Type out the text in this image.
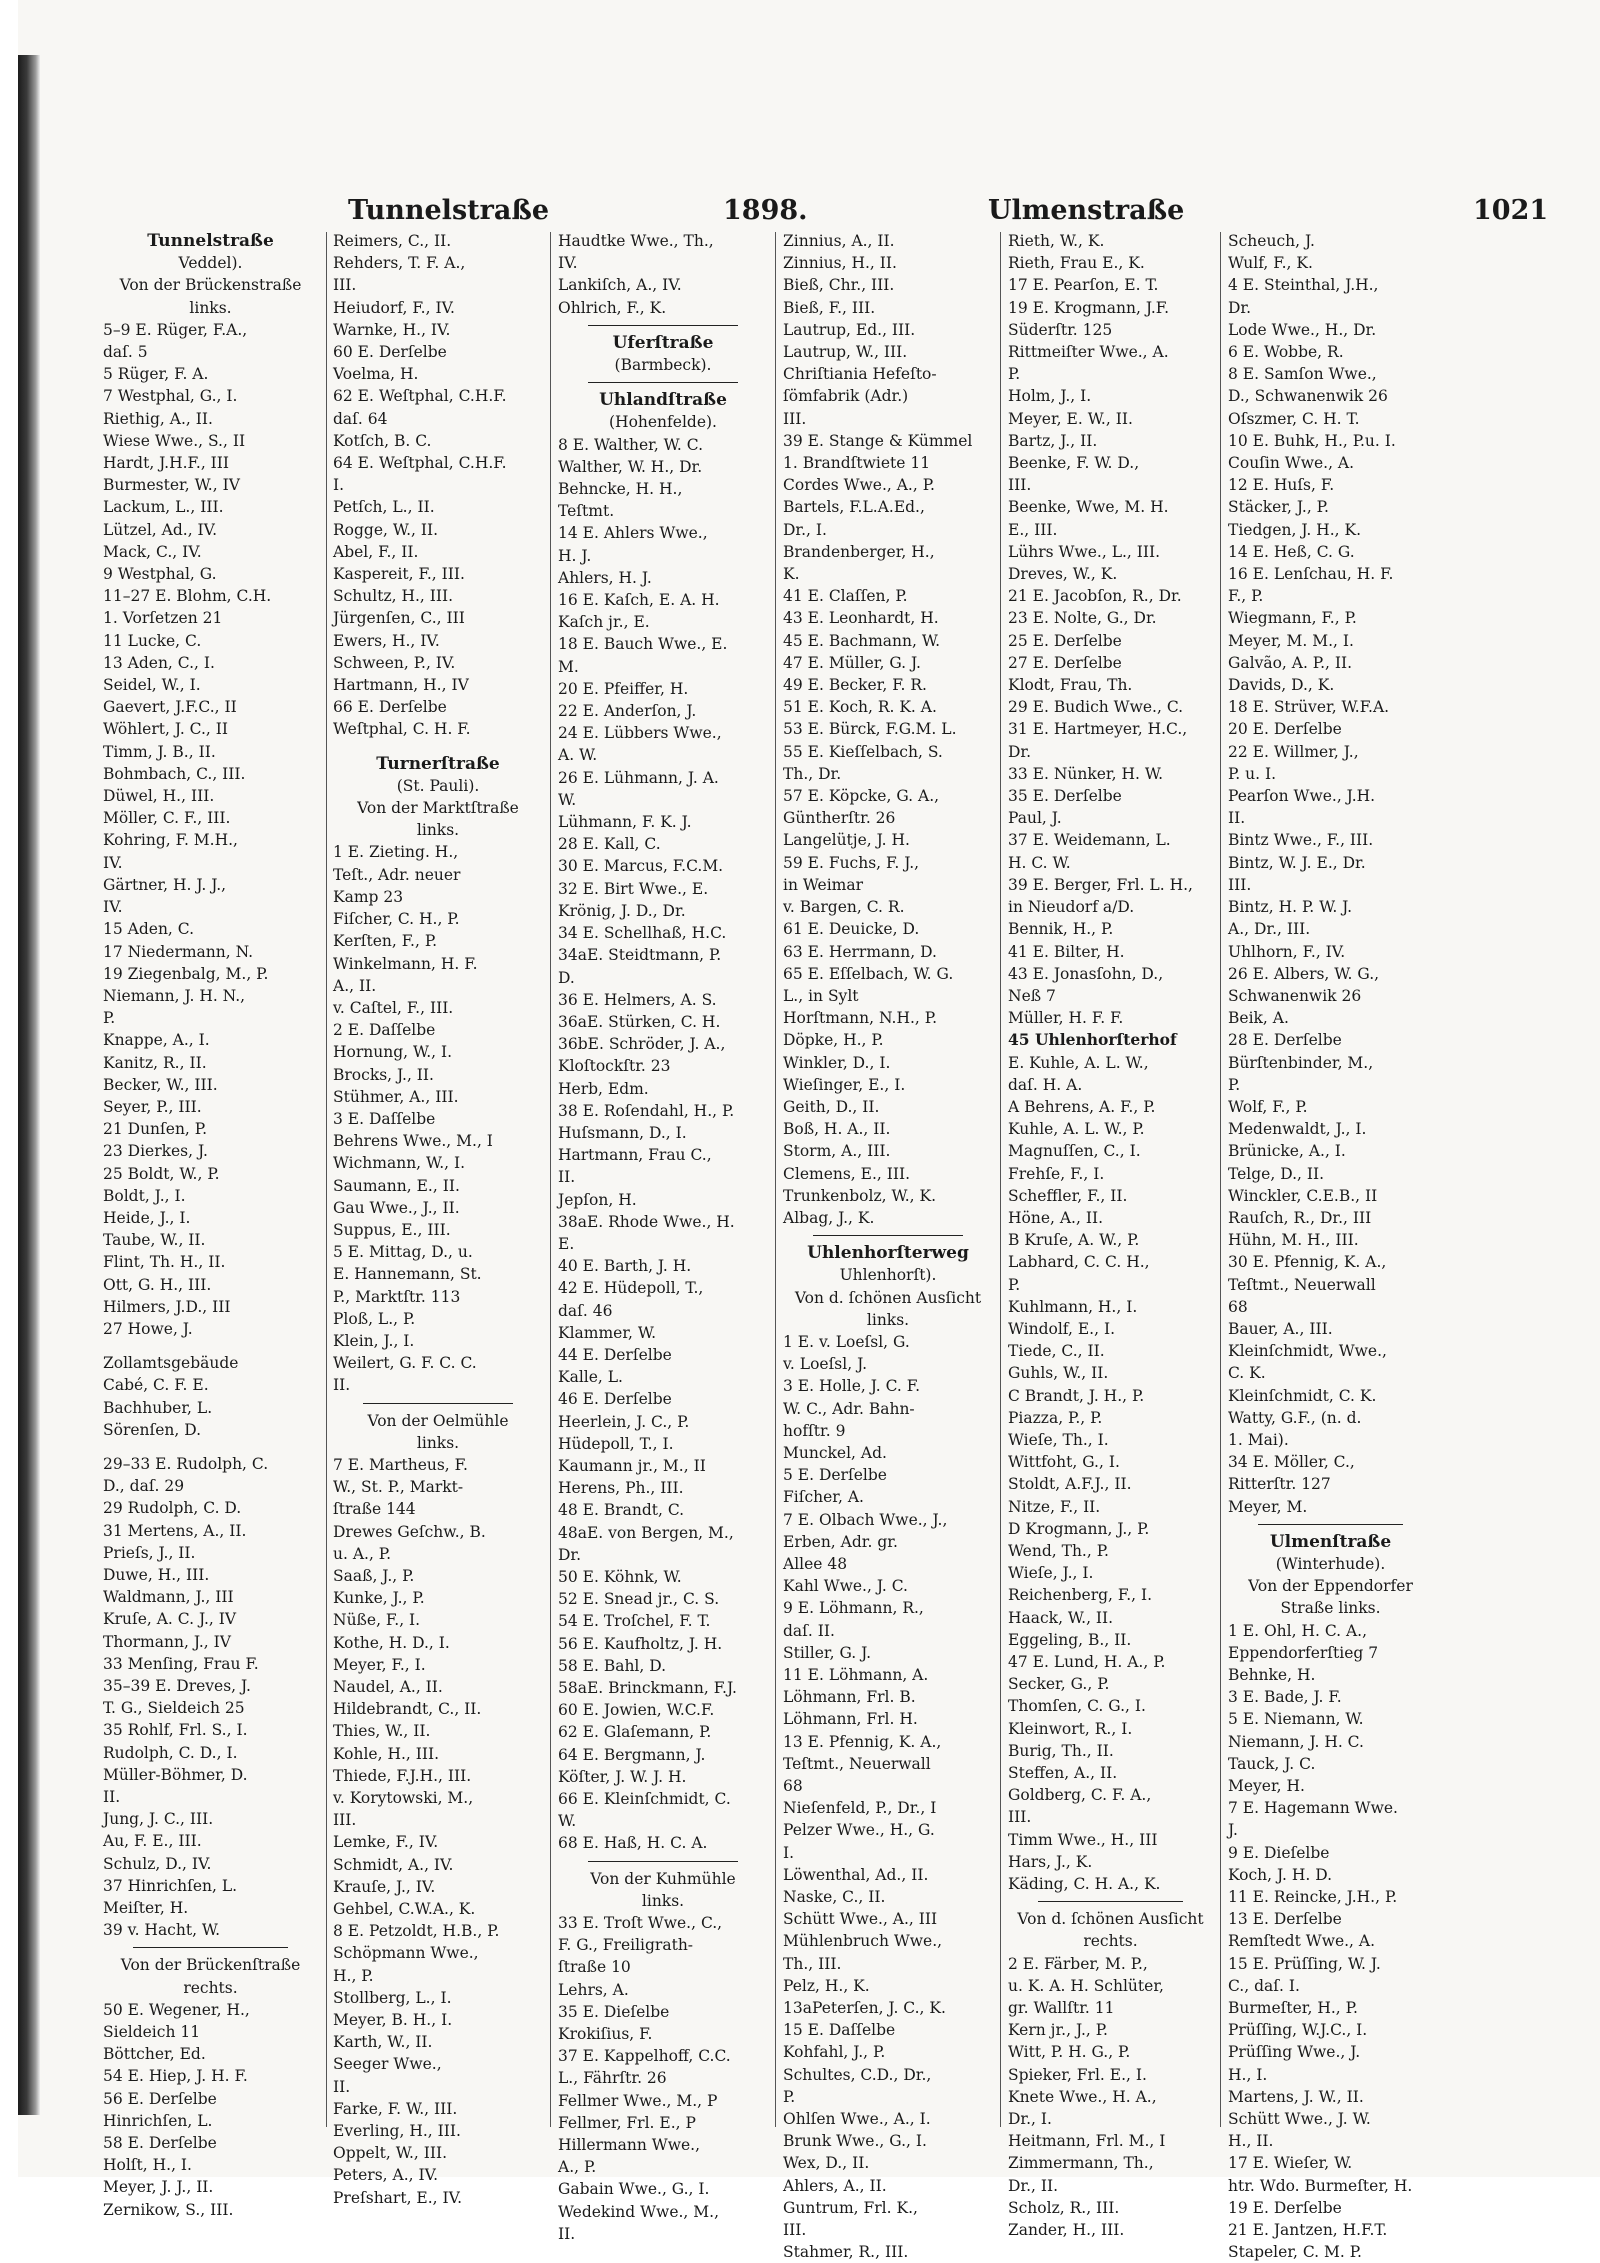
Tunnelstraße	1898.	Ulmenstraße	1021
Tunnelstraße
Veddel).
Von der Brückenstraße
links.
5–9 E. Rüger, F.A.,
daſ. 5
5 Rüger, F. A.
7 Westphal, G., I.
Riethig, A., II.
Wiese Wwe., S., II
Hardt, J.H.F., III
Burmester, W., IV
Lackum, L., III.
Lützel, Ad., IV.
Mack, C., IV.
9 Westphal, G.
11–27 E. Blohm, C.H.
1. Vorſetzen 21
11 Lucke, C.
13 Aden, C., I.
Seidel, W., I.
Gaevert, J.F.C., II
Wöhlert, J. C., II
Timm, J. B., II.
Bohmbach, C., III.
Düwel, H., III.
Möller, C. F., III.
Kohring, F. M.H.,
IV.
Gärtner, H. J. J.,
IV.
15 Aden, C.
17 Niedermann, N.
19 Ziegenbalg, M., P.
Niemann, J. H. N.,
P.
Knappe, A., I.
Kanitz, R., II.
Becker, W., III.
Seyer, P., III.
21 Dunſen, P.
23 Dierkes, J.
25 Boldt, W., P.
Boldt, J., I.
Heide, J., I.
Taube, W., II.
Flint, Th. H., II.
Ott, G. H., III.
Hilmers, J.D., III
27 Howe, J.
Zollamtsgebäude
Cabé, C. F. E.
Bachhuber, L.
Sörenſen, D.
29–33 E. Rudolph, C.
D., daſ. 29
29 Rudolph, C. D.
31 Mertens, A., II.
Prieſs, J., II.
Duwe, H., III.
Waldmann, J., III
Kruſe, A. C. J., IV
Thormann, J., IV
33 Menſing, Frau F.
35–39 E. Dreves, J.
T. G., Sieldeich 25
35 Rohlf, Frl. S., I.
Rudolph, C. D., I.
Müller-Böhmer, D.
II.
Jung, J. C., III.
Au, F. E., III.
Schulz, D., IV.
37 Hinrichſen, L.
Meiſter, H.
39 v. Hacht, W.
Von der Brückenſtraße
rechts.
50 E. Wegener, H.,
Sieldeich 11
Böttcher, Ed.
54 E. Hiep, J. H. F.
56 E. Derſelbe
Hinrichſen, L.
58 E. Derſelbe
Holſt, H., I.
Meyer, J. J., II.
Zernikow, S., III.
Reimers, C., II.
Rehders, T. F. A.,
III.
Heiudorf, F., IV.
Warnke, H., IV.
60 E. Derſelbe
Voelma, H.
62 E. Weſtphal, C.H.F.
daſ. 64
Kotſch, B. C.
64 E. Weſtphal, C.H.F.
I.
Petſch, L., II.
Rogge, W., II.
Abel, F., II.
Kaspereit, F., III.
Schultz, H., III.
Jürgenſen, C., III
Ewers, H., IV.
Schween, P., IV.
Hartmann, H., IV
66 E. Derſelbe
Weſtphal, C. H. F.
Turnerſtraße
(St. Pauli).
Von der Marktſtraße
links.
1 E. Zieting. H.,
Teſt., Adr. neuer
Kamp 23
Fiſcher, C. H., P.
Kerſten, F., P.
Winkelmann, H. F.
A., II.
v. Caſtel, F., III.
2 E. Daſſelbe
Hornung, W., I.
Brocks, J., II.
Stühmer, A., III.
3 E. Daſſelbe
Behrens Wwe., M., I
Wichmann, W., I.
Saumann, E., II.
Gau Wwe., J., II.
Suppus, E., III.
5 E. Mittag, D., u.
E. Hannemann, St.
P., Marktſtr. 113
Ploß, L., P.
Klein, J., I.
Weilert, G. F. C. C.
II.
Von der Oelmühle
links.
7 E. Martheus, F.
W., St. P., Markt-
ſtraße 144
Drewes Geſchw., B.
u. A., P.
Saaß, J., P.
Kunke, J., P.
Nüße, F., I.
Kothe, H. D., I.
Meyer, F., I.
Naudel, A., II.
Hildebrandt, C., II.
Thies, W., II.
Kohle, H., III.
Thiede, F.J.H., III.
v. Korytowski, M.,
III.
Lemke, F., IV.
Schmidt, A., IV.
Krauſe, J., IV.
Gehbel, C.W.A., K.
8 E. Petzoldt, H.B., P.
Schöpmann Wwe.,
H., P.
Stollberg, L., I.
Meyer, B. H., I.
Karth, W., II.
Seeger Wwe.,
II.
Farke, F. W., III.
Everling, H., III.
Oppelt, W., III.
Peters, A., IV.
Preſshart, E., IV.
Haudtke Wwe., Th.,
IV.
Lankiſch, A., IV.
Ohlrich, F., K.
Uferſtraße
(Barmbeck).
Uhlandſtraße
(Hohenfelde).
8 E. Walther, W. C.
Walther, W. H., Dr.
Behncke, H. H.,
Teſtmt.
14 E. Ahlers Wwe.,
H. J.
Ahlers, H. J.
16 E. Kaſch, E. A. H.
Kaſch jr., E.
18 E. Bauch Wwe., E.
M.
20 E. Pfeiffer, H.
22 E. Anderſon, J.
24 E. Lübbers Wwe.,
A. W.
26 E. Lühmann, J. A.
W.
Lühmann, F. K. J.
28 E. Kall, C.
30 E. Marcus, F.C.M.
32 E. Birt Wwe., E.
Krönig, J. D., Dr.
34 E. Schellhaß, H.C.
34aE. Steidtmann, P.
D.
36 E. Helmers, A. S.
36aE. Stürken, C. H.
36bE. Schröder, J. A.,
Kloſtockſtr. 23
Herb, Edm.
38 E. Roſendahl, H., P.
Huſsmann, D., I.
Hartmann, Frau C.,
II.
Jepſon, H.
38aE. Rhode Wwe., H.
E.
40 E. Barth, J. H.
42 E. Hüdepoll, T.,
daſ. 46
Klammer, W.
44 E. Derſelbe
Kalle, L.
46 E. Derſelbe
Heerlein, J. C., P.
Hüdepoll, T., I.
Kaumann jr., M., II
Herens, Ph., III.
48 E. Brandt, C.
48aE. von Bergen, M.,
Dr.
50 E. Köhnk, W.
52 E. Snead jr., C. S.
54 E. Troſchel, F. T.
56 E. Kaufholtz, J. H.
58 E. Bahl, D.
58aE. Brinckmann, F.J.
60 E. Jowien, W.C.F.
62 E. Glaſemann, P.
64 E. Bergmann, J.
Köſter, J. W. J. H.
66 E. Kleinſchmidt, C.
W.
68 E. Haß, H. C. A.
Von der Kuhmühle
links.
33 E. Troſt Wwe., C.,
F. G., Freiligrath-
ſtraße 10
Lehrs, A.
35 E. Dieſelbe
Krokiſius, F.
37 E. Kappelhoff, C.C.
L., Fährſtr. 26
Fellmer Wwe., M., P
Fellmer, Frl. E., P
Hillermann Wwe.,
A., P.
Gabain Wwe., G., I.
Wedekind Wwe., M.,
II.
Zinnius, A., II.
Zinnius, H., II.
Bieß, Chr., III.
Bieß, F., III.
Lautrup, Ed., III.
Lautrup, W., III.
Chriſtiania Hefeſto-
ſömfabrik (Adr.)
III.
39 E. Stange & Kümmel
1. Brandſtwiete 11
Cordes Wwe., A., P.
Bartels, F.L.A.Ed.,
Dr., I.
Brandenberger, H.,
K.
41 E. Claſſen, P.
43 E. Leonhardt, H.
45 E. Bachmann, W.
47 E. Müller, G. J.
49 E. Becker, F. R.
51 E. Koch, R. K. A.
53 E. Bürck, F.G.M. L.
55 E. Kieſſelbach, S.
Th., Dr.
57 E. Köpcke, G. A.,
Güntherſtr. 26
Langelütje, J. H.
59 E. Fuchs, F. J.,
in Weimar
v. Bargen, C. R.
61 E. Deuicke, D.
63 E. Herrmann, D.
65 E. Eſſelbach, W. G.
L., in Sylt
Horſtmann, N.H., P.
Döpke, H., P.
Winkler, D., I.
Wieſinger, E., I.
Geith, D., II.
Boß, H. A., II.
Storm, A., III.
Clemens, E., III.
Trunkenbolz, W., K.
Albag, J., K.
Uhlenhorſterweg
Uhlenhorſt).
Von d. ſchönen Ausſicht
links.
1 E. v. Loeſsl, G.
v. Loeſsl, J.
3 E. Holle, J. C. F.
W. C., Adr. Bahn-
hofſtr. 9
Munckel, Ad.
5 E. Derſelbe
Fiſcher, A.
7 E. Olbach Wwe., J.,
Erben, Adr. gr.
Allee 48
Kahl Wwe., J. C.
9 E. Löhmann, R.,
daſ. II.
Stiller, G. J.
11 E. Löhmann, A.
Löhmann, Frl. B.
Löhmann, Frl. H.
13 E. Pfennig, K. A.,
Teſtmt., Neuerwall
68
Nieſenfeld, P., Dr., I
Pelzer Wwe., H., G.
I.
Löwenthal, Ad., II.
Naske, C., II.
Schütt Wwe., A., III
Mühlenbruch Wwe.,
Th., III.
Pelz, H., K.
13aPeterſen, J. C., K.
15 E. Daſſelbe
Kohfahl, J., P.
Schultes, C.D., Dr.,
P.
Ohlſen Wwe., A., I.
Brunk Wwe., G., I.
Wex, D., II.
Ahlers, A., II.
Guntrum, Frl. K.,
III.
Stahmer, R., III.
Rieth, W., K.
Rieth, Frau E., K.
17 E. Pearſon, E. T.
19 E. Krogmann, J.F.
Süderſtr. 125
Rittmeiſter Wwe., A.
P.
Holm, J., I.
Meyer, E. W., II.
Bartz, J., II.
Beenke, F. W. D.,
III.
Beenke, Wwe, M. H.
E., III.
Lührs Wwe., L., III.
Dreves, W., K.
21 E. Jacobſon, R., Dr.
23 E. Nolte, G., Dr.
25 E. Derſelbe
27 E. Derſelbe
Klodt, Frau, Th.
29 E. Budich Wwe., C.
31 E. Hartmeyer, H.C.,
Dr.
33 E. Nünker, H. W.
35 E. Derſelbe
Paul, J.
37 E. Weidemann, L.
H. C. W.
39 E. Berger, Frl. L. H.,
in Nieudorf a/D.
Bennik, H., P.
41 E. Bilter, H.
43 E. Jonasſohn, D.,
Neß 7
Müller, H. F. F.
45 Uhlenhorſterhof
E. Kuhle, A. L. W.,
daſ. H. A.
A Behrens, A. F., P.
Kuhle, A. L. W., P.
Magnuſſen, C., I.
Frehſe, F., I.
Scheffler, F., II.
Höne, A., II.
B Kruſe, A. W., P.
Labhard, C. C. H.,
P.
Kuhlmann, H., I.
Windolf, E., I.
Tiede, C., II.
Guhls, W., II.
C Brandt, J. H., P.
Piazza, P., P.
Wieſe, Th., I.
Wittfoht, G., I.
Stoldt, A.F.J., II.
Nitze, F., II.
D Krogmann, J., P.
Wend, Th., P.
Wieſe, J., I.
Reichenberg, F., I.
Haack, W., II.
Eggeling, B., II.
47 E. Lund, H. A., P.
Secker, G., P.
Thomſen, C. G., I.
Kleinwort, R., I.
Burig, Th., II.
Steffen, A., II.
Goldberg, C. F. A.,
III.
Timm Wwe., H., III
Hars, J., K.
Käding, C. H. A., K.
Von d. ſchönen Ausſicht
rechts.
2 E. Färber, M. P.,
u. K. A. H. Schlüter,
gr. Wallſtr. 11
Kern jr., J., P.
Witt, P. H. G., P.
Spieker, Frl. E., I.
Knete Wwe., H. A.,
Dr., I.
Heitmann, Frl. M., I
Zimmermann, Th.,
Dr., II.
Scholz, R., III.
Zander, H., III.
Scheuch, J.
Wulf, F., K.
4 E. Steinthal, J.H.,
Dr.
Lode Wwe., H., Dr.
6 E. Wobbe, R.
8 E. Samſon Wwe.,
D., Schwanenwik 26
Oſszmer, C. H. T.
10 E. Buhk, H., P.u. I.
Couſin Wwe., A.
12 E. Huſs, F.
Stäcker, J., P.
Tiedgen, J. H., K.
14 E. Heß, C. G.
16 E. Lenſchau, H. F.
F., P.
Wiegmann, F., P.
Meyer, M. M., I.
Galvão, A. P., II.
Davids, D., K.
18 E. Strüver, W.F.A.
20 E. Derſelbe
22 E. Willmer, J.,
P. u. I.
Pearſon Wwe., J.H.
II.
Bintz Wwe., F., III.
Bintz, W. J. E., Dr.
III.
Bintz, H. P. W. J.
A., Dr., III.
Uhlhorn, F., IV.
26 E. Albers, W. G.,
Schwanenwik 26
Beik, A.
28 E. Derſelbe
Bürſtenbinder, M.,
P.
Wolf, F., P.
Medenwaldt, J., I.
Brünicke, A., I.
Telge, D., II.
Winckler, C.E.B., II
Rauſch, R., Dr., III
Hühn, M. H., III.
30 E. Pfennig, K. A.,
Teſtmt., Neuerwall
68
Bauer, A., III.
Kleinſchmidt, Wwe.,
C. K.
Kleinſchmidt, C. K.
Watty, G.F., (n. d.
1. Mai).
34 E. Möller, C.,
Ritterſtr. 127
Meyer, M.
Ulmenſtraße
(Winterhude).
Von der Eppendorfer
Straße links.
1 E. Ohl, H. C. A.,
Eppendorferſtieg 7
Behnke, H.
3 E. Bade, J. F.
5 E. Niemann, W.
Niemann, J. H. C.
Tauck, J. C.
Meyer, H.
7 E. Hagemann Wwe.
J.
9 E. Dieſelbe
Koch, J. H. D.
11 E. Reincke, J.H., P.
13 E. Derſelbe
Remſtedt Wwe., A.
15 E. Prüſſing, W. J.
C., daſ. I.
Burmeſter, H., P.
Prüſſing, W.J.C., I.
Prüſſing Wwe., J.
H., I.
Martens, J. W., II.
Schütt Wwe., J. W.
H., II.
17 E. Wieſer, W.
htr. Wdo. Burmeſter, H.
19 E. Derſelbe
21 E. Jantzen, H.F.T.
Stapeler, C. M. P.
